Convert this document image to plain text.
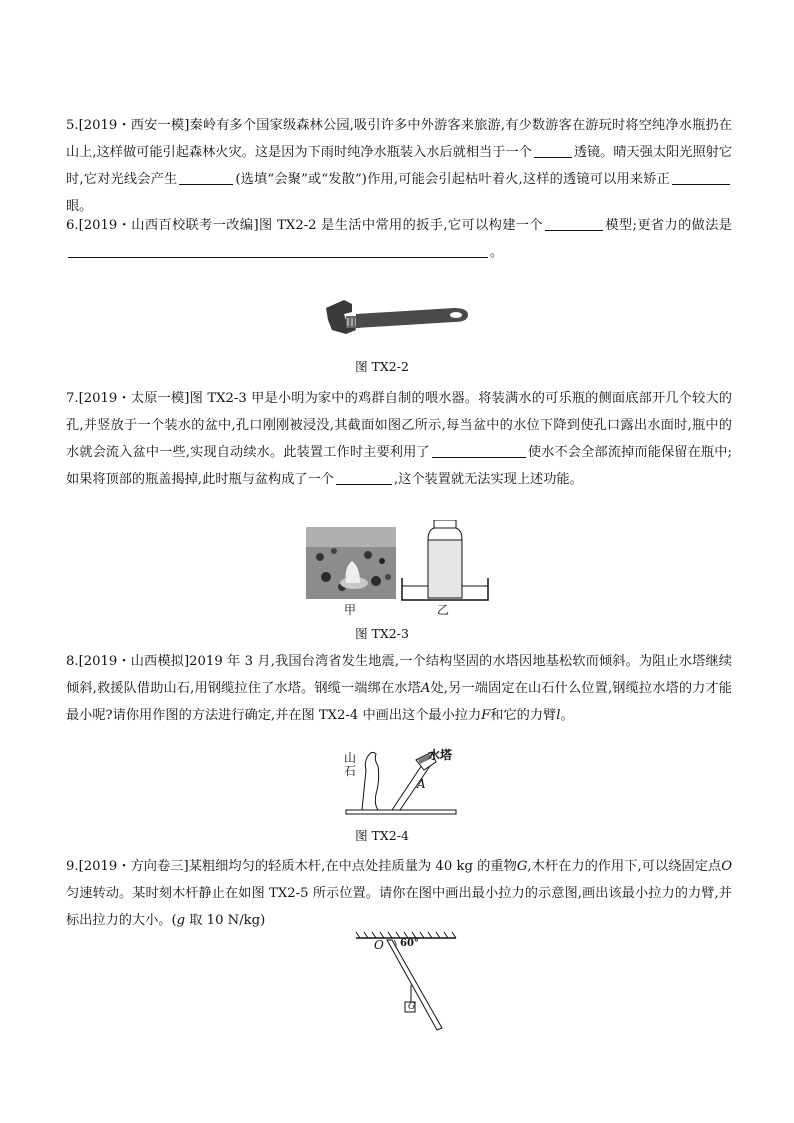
5.[2019・西安一模]秦岭有多个国家级森林公园,吸引许多中外游客来旅游,有少数游客在游玩时将空纯净水瓶扔在山上,这样做可能引起森林火灾。这是因为下雨时纯净水瓶装入水后就相当于一个	透镜。晴天强太阳光照射它时,它对光线会产生	(选填“会聚”或“发散”)作用,可能会引起枯叶着火,这样的透镜可以用来矫正眼。
6.[2019・山西百校联考一改编]图 TX2-2 是生活中常用的扳手,它可以构建一个	模型;更省力的做法是。
图 TX2-2
7.[2019・太原一模]图 TX2-3 甲是小明为家中的鸡群自制的喂水器。将装满水的可乐瓶的侧面底部开几个较大的孔,并竖放于一个装水的盆中,孔口刚刚被浸没,其截面如图乙所示,每当盆中的水位下降到使孔口露出水面时,瓶中的水就会流入盆中一些,实现自动续水。此装置工作时主要利用了	使水不会全部流掉而能保留在瓶中;如果将顶部的瓶盖揭掉,此时瓶与盆构成了一个	,这个装置就无法实现上述功能。
甲	乙
图 TX2-3
8.[2019・山西模拟]2019 年 3 月,我国台湾省发生地震,一个结构坚固的水塔因地基松软而倾斜。为阻止水塔继续倾斜,救援队借助山石,用钢缆拉住了水塔。钢缆一端绑在水塔A处,另一端固定在山石什么位置,钢缆拉水塔的力才能最小呢?请你用作图的方法进行确定,并在图 TX2-4 中画出这个最小拉力F和它的力臂l。
山
石
水塔
A
图 TX2-4
9.[2019・方向卷三]某粗细均匀的轻质木杆,在中点处挂质量为 40 kg 的重物G,木杆在力的作用下,可以绕固定点O匀速转动。某时刻木杆静止在如图 TX2-5 所示位置。请你在图中画出最小拉力的示意图,画出该最小拉力的力臂,并标出拉力的大小。(g 取 10 N/kg)
O 60°
G
